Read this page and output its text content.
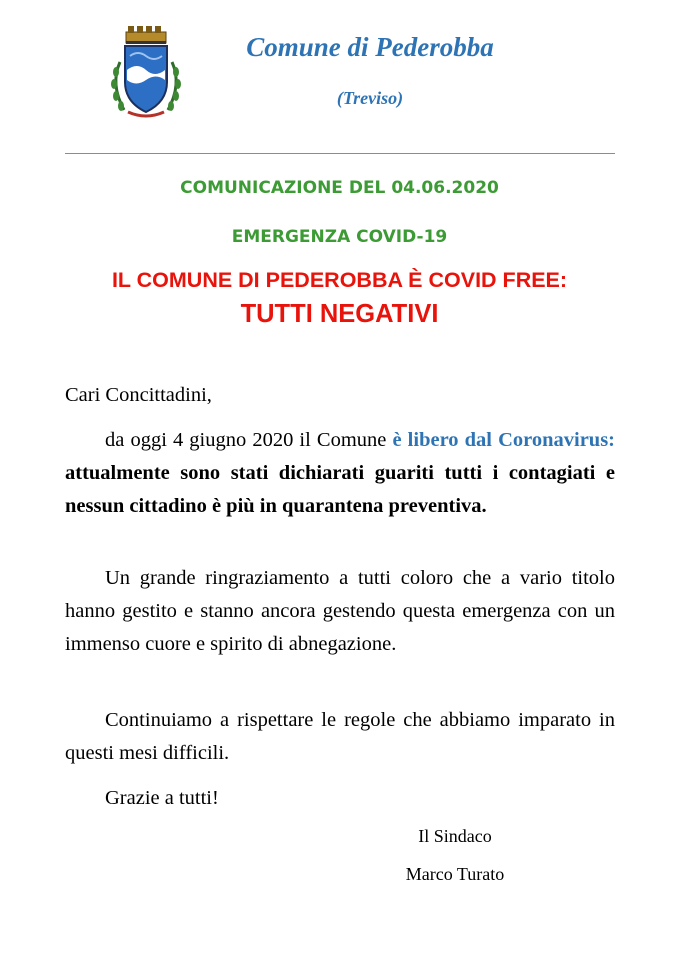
Comune di Pederobba
(Treviso)
COMUNICAZIONE DEL 04.06.2020
EMERGENZA COVID-19
IL COMUNE DI PEDEROBBA È COVID FREE:
TUTTI NEGATIVI
Cari Concittadini,
da oggi 4 giugno 2020 il Comune è libero dal Coronavirus: attualmente sono stati dichiarati guariti tutti i contagiati e nessun cittadino è più in quarantena preventiva.
Un grande ringraziamento a tutti coloro che a vario titolo hanno gestito e stanno ancora gestendo questa emergenza con un immenso cuore e spirito di abnegazione.
Continuiamo a rispettare le regole che abbiamo imparato in questi mesi difficili.
Grazie a tutti!
Il Sindaco
Marco Turato
